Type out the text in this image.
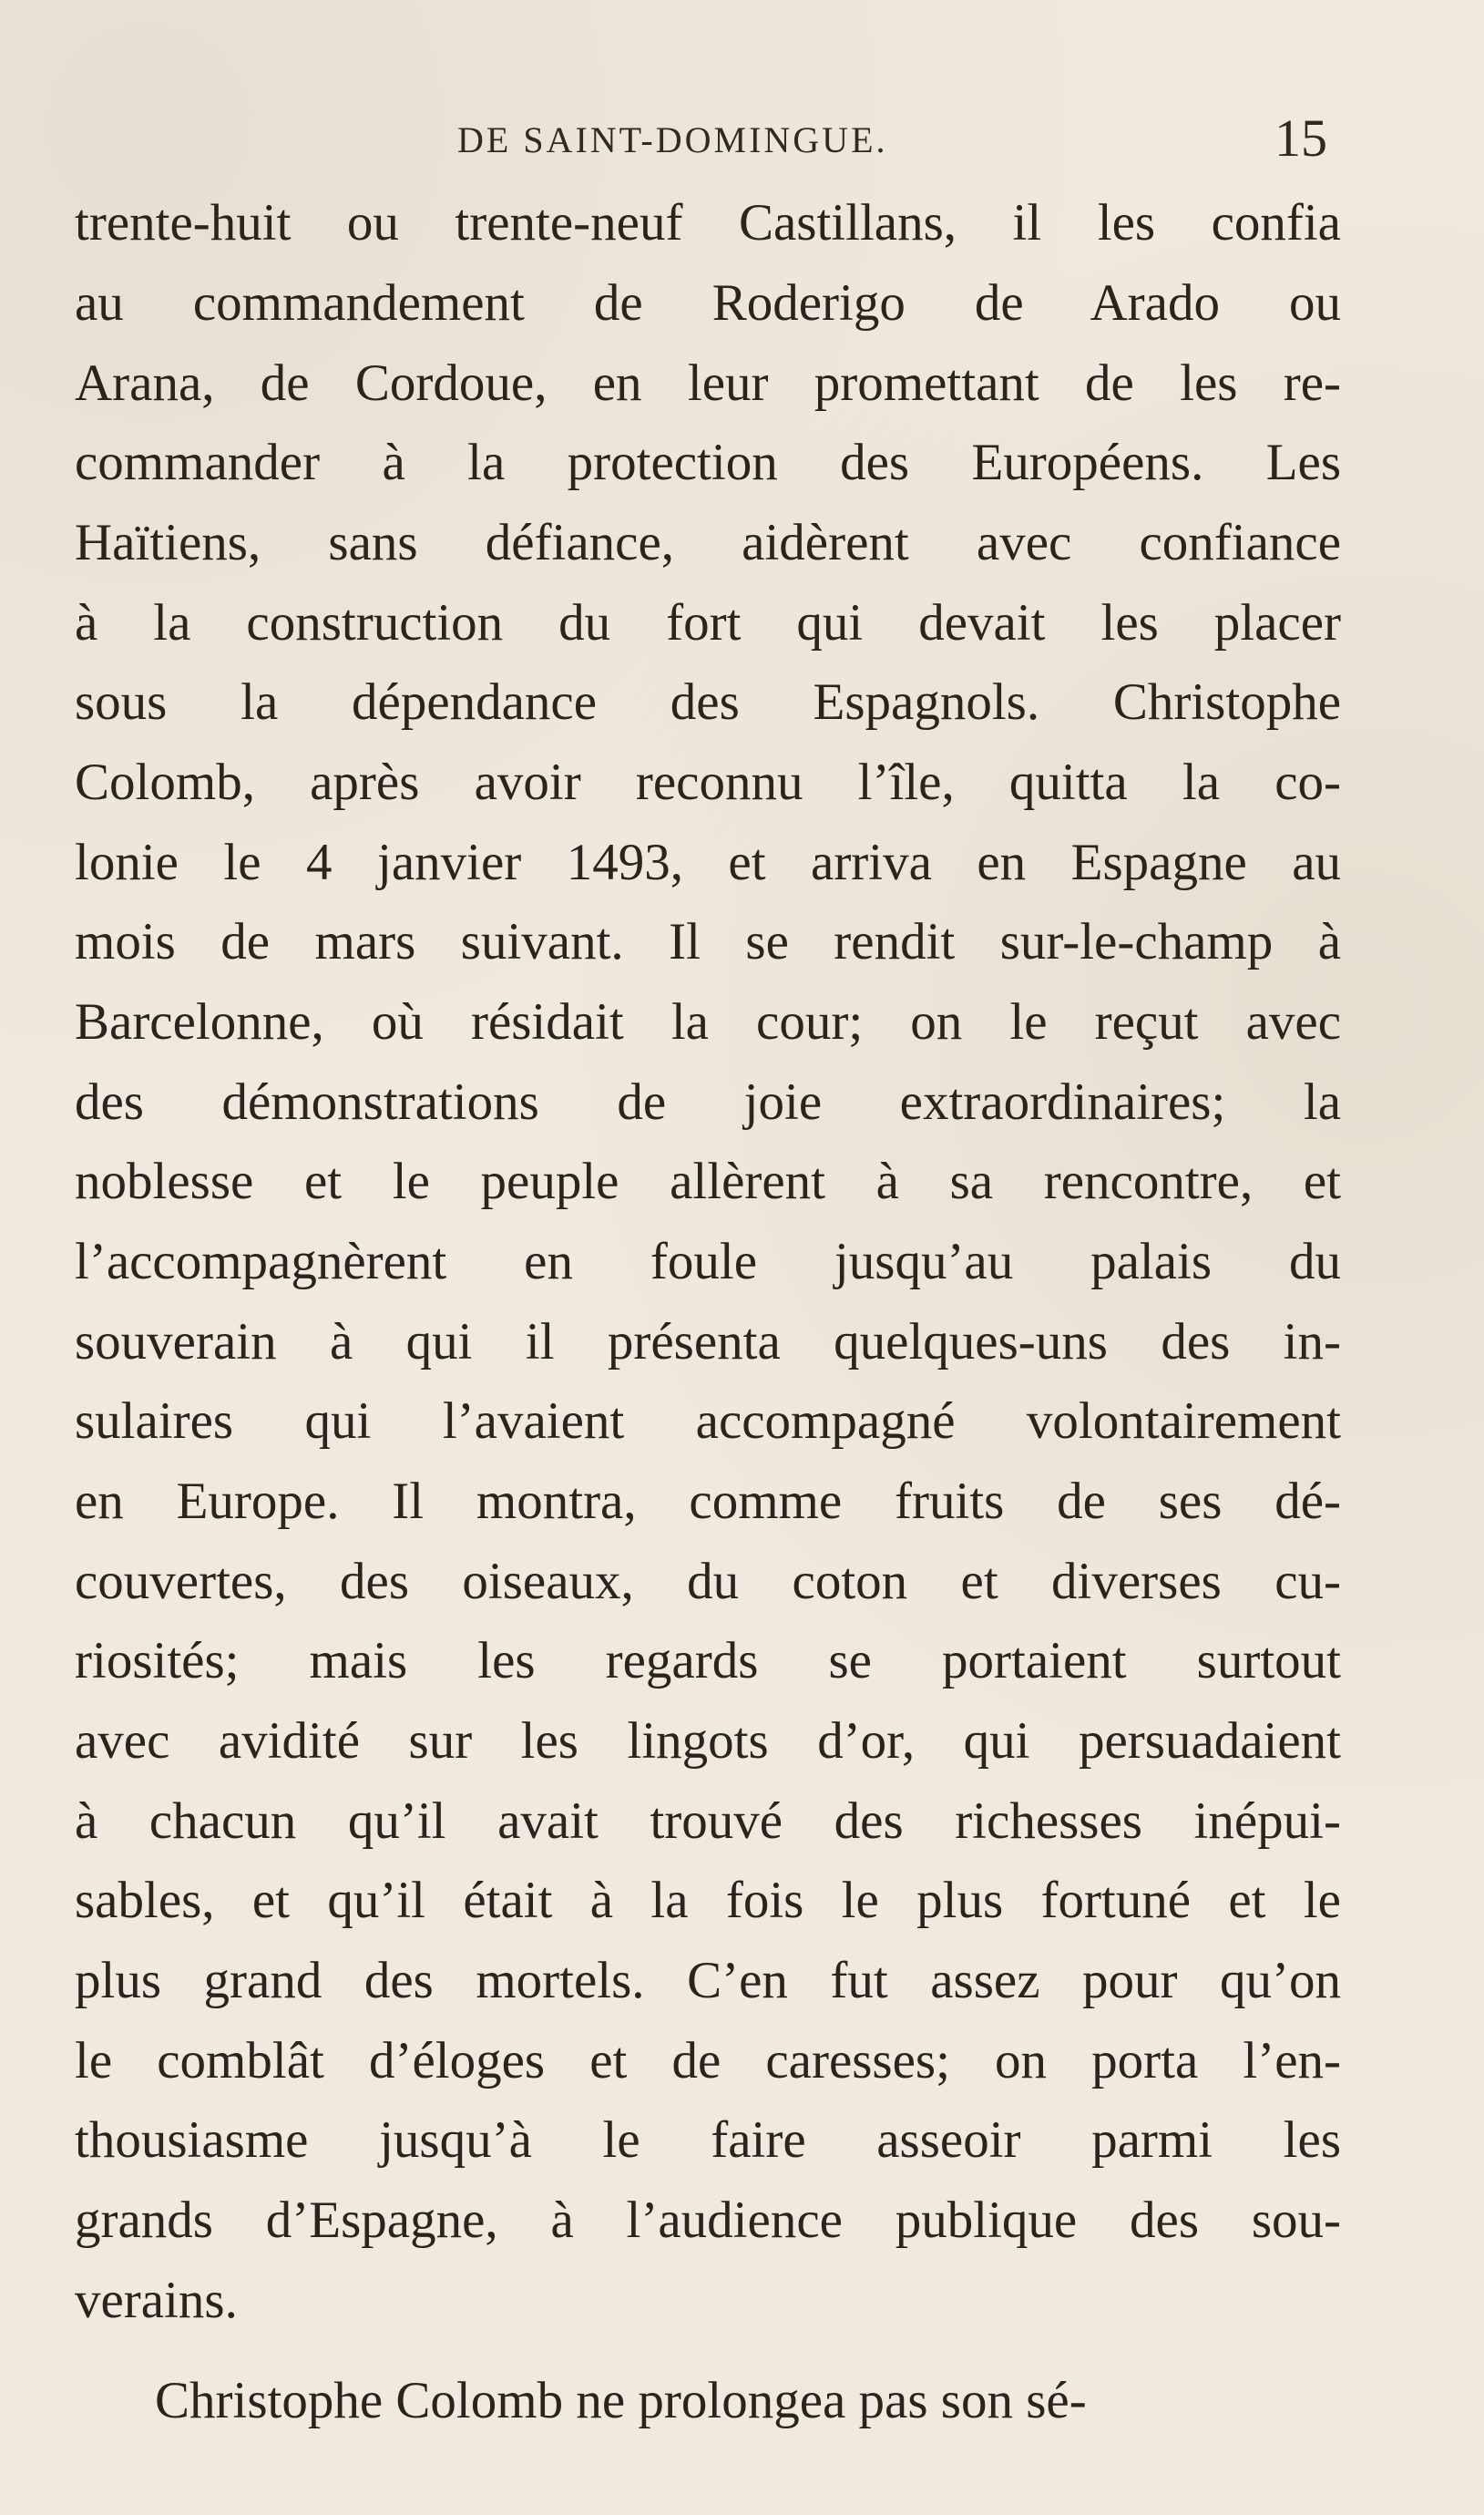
DE SAINT-DOMINGUE.	15
trente-huit ou trente-neuf Castillans, il les confia
au commandement de Roderigo de Arado ou
Arana, de Cordoue, en leur promettant de les re-
commander à la protection des Européens. Les
Haïtiens, sans défiance, aidèrent avec confiance
à la construction du fort qui devait les placer
sous la dépendance des Espagnols. Christophe
Colomb, après avoir reconnu l’île, quitta la co-
lonie le 4 janvier 1493, et arriva en Espagne au
mois de mars suivant. Il se rendit sur-le-champ à
Barcelonne, où résidait la cour; on le reçut avec
des démonstrations de joie extraordinaires; la
noblesse et le peuple allèrent à sa rencontre, et
l’accompagnèrent en foule jusqu’au palais du
souverain à qui il présenta quelques-uns des in-
sulaires qui l’avaient accompagné volontairement
en Europe. Il montra, comme fruits de ses dé-
couvertes, des oiseaux, du coton et diverses cu-
riosités; mais les regards se portaient surtout
avec avidité sur les lingots d’or, qui persuadaient
à chacun qu’il avait trouvé des richesses inépui-
sables, et qu’il était à la fois le plus fortuné et le
plus grand des mortels. C’en fut assez pour qu’on
le comblât d’éloges et de caresses; on porta l’en-
thousiasme jusqu’à le faire asseoir parmi les
grands d’Espagne, à l’audience publique des sou-
verains.
Christophe Colomb ne prolongea pas son sé-
